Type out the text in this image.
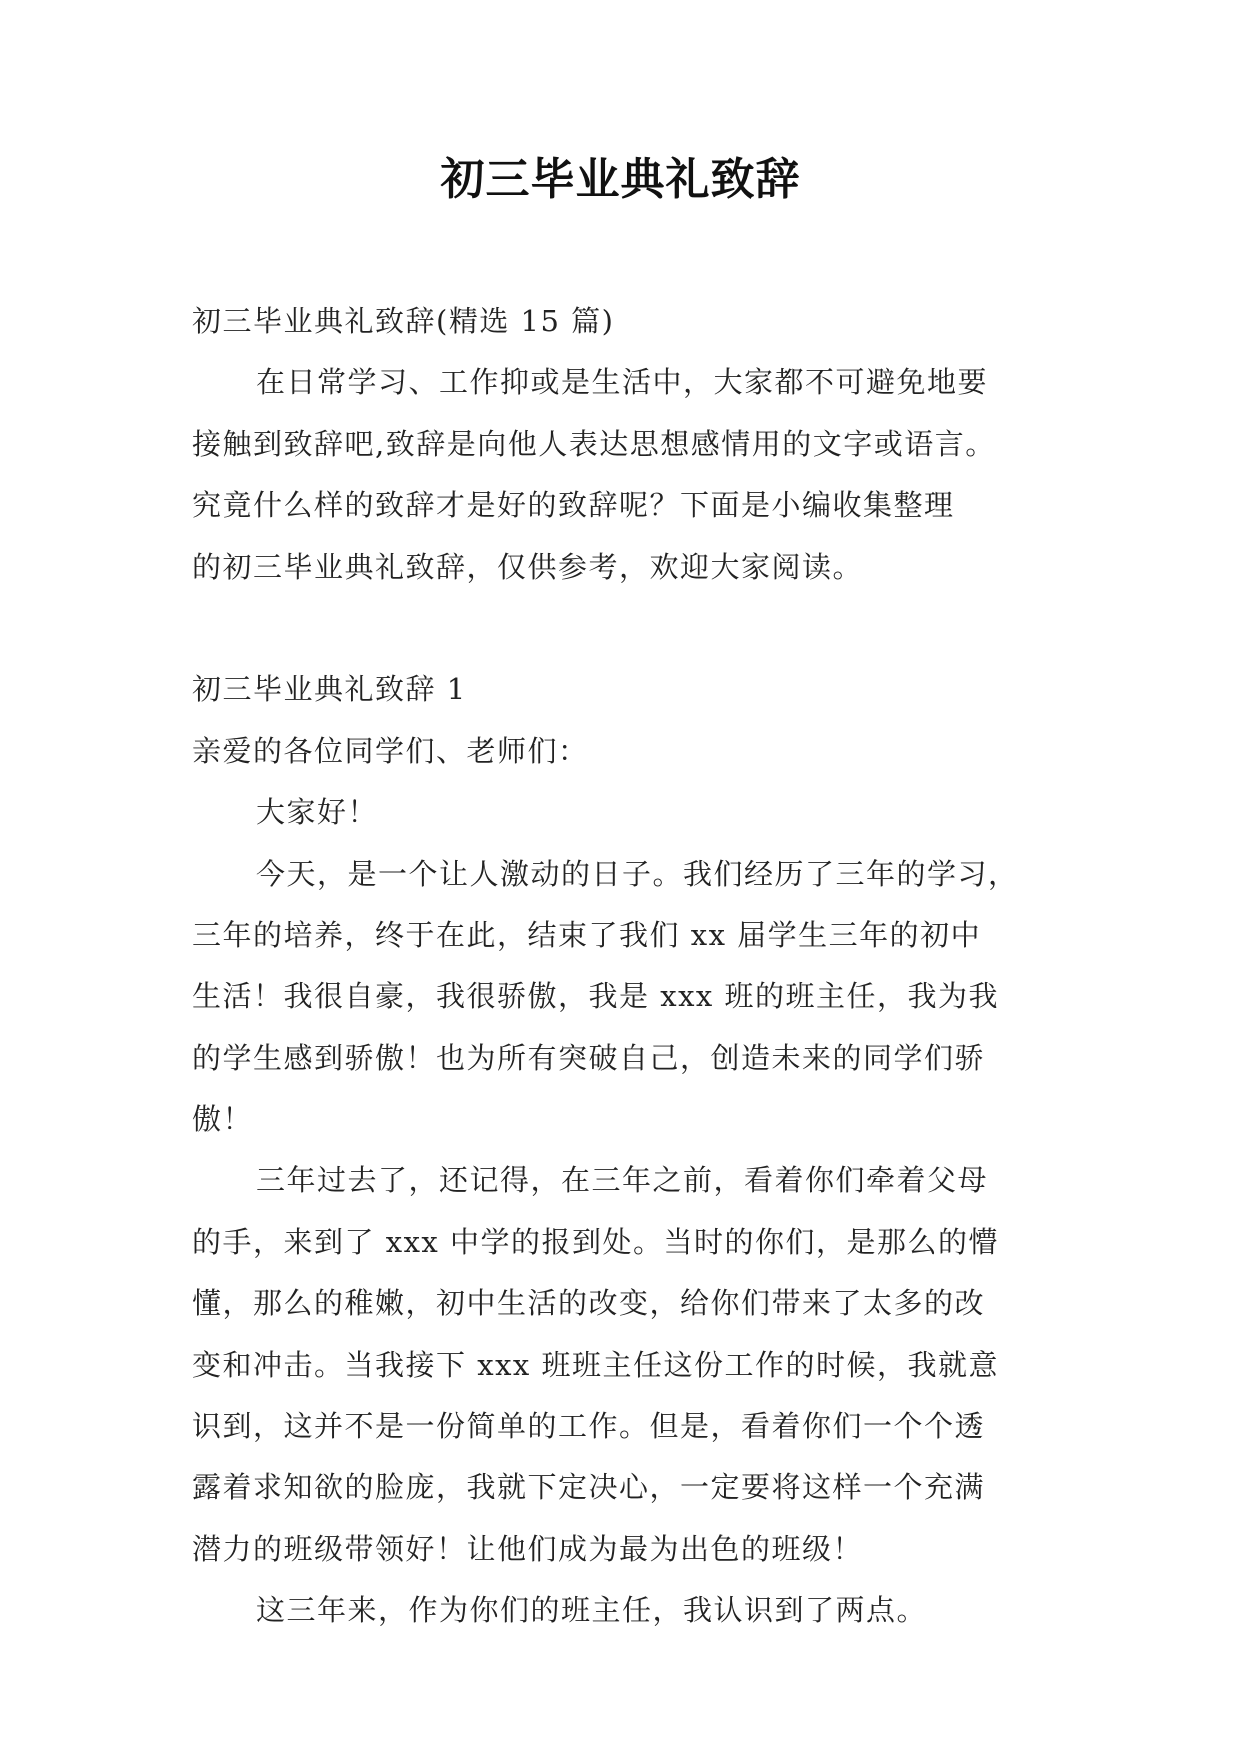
初三毕业典礼致辞
初三毕业典礼致辞(精选 15 篇)
在日常学习、工作抑或是生活中，大家都不可避免地要
接触到致辞吧,致辞是向他人表达思想感情用的文字或语言。
究竟什么样的致辞才是好的致辞呢？下面是小编收集整理
的初三毕业典礼致辞，仅供参考，欢迎大家阅读。
初三毕业典礼致辞 1
亲爱的各位同学们、老师们：
大家好！
今天，是一个让人激动的日子。我们经历了三年的学习，
三年的培养，终于在此，结束了我们 xx 届学生三年的初中
生活！我很自豪，我很骄傲，我是 xxx 班的班主任，我为我
的学生感到骄傲！也为所有突破自己，创造未来的同学们骄
傲！
三年过去了，还记得，在三年之前，看着你们牵着父母
的手，来到了 xxx 中学的报到处。当时的你们，是那么的懵
懂，那么的稚嫩，初中生活的改变，给你们带来了太多的改
变和冲击。当我接下 xxx 班班主任这份工作的时候，我就意
识到，这并不是一份简单的工作。但是，看着你们一个个透
露着求知欲的脸庞，我就下定决心，一定要将这样一个充满
潜力的班级带领好！让他们成为最为出色的班级！
这三年来，作为你们的班主任，我认识到了两点。
